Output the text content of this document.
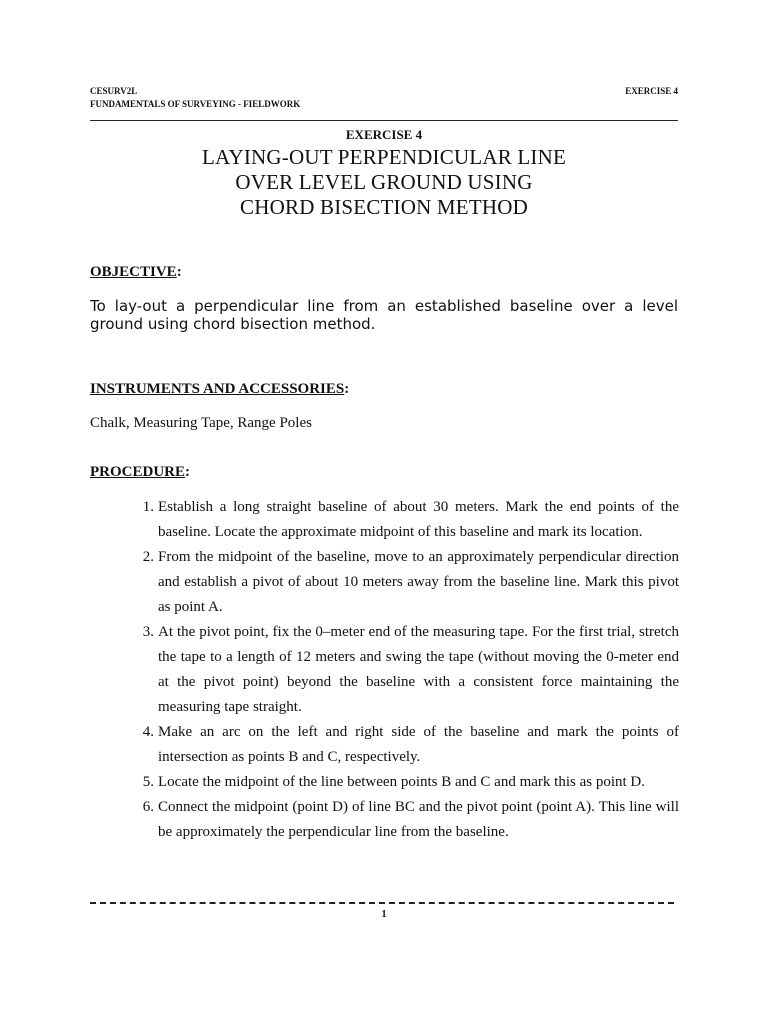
CESURV2L	EXERCISE 4
FUNDAMENTALS OF SURVEYING - FIELDWORK
EXERCISE 4
LAYING-OUT PERPENDICULAR LINE
OVER LEVEL GROUND USING
CHORD BISECTION METHOD
OBJECTIVE:
To lay-out a perpendicular line from an established baseline over a level ground using chord bisection method.
INSTRUMENTS AND ACCESSORIES:
Chalk, Measuring Tape, Range Poles
PROCEDURE:
1. Establish a long straight baseline of about 30 meters. Mark the end points of the baseline. Locate the approximate midpoint of this baseline and mark its location.
2. From the midpoint of the baseline, move to an approximately perpendicular direction and establish a pivot of about 10 meters away from the baseline line. Mark this pivot as point A.
3. At the pivot point, fix the 0–meter end of the measuring tape. For the first trial, stretch the tape to a length of 12 meters and swing the tape (without moving the 0-meter end at the pivot point) beyond the baseline with a consistent force maintaining the measuring tape straight.
4. Make an arc on the left and right side of the baseline and mark the points of intersection as points B and C, respectively.
5. Locate the midpoint of the line between points B and C and mark this as point D.
6. Connect the midpoint (point D) of line BC and the pivot point (point A). This line will be approximately the perpendicular line from the baseline.
1
